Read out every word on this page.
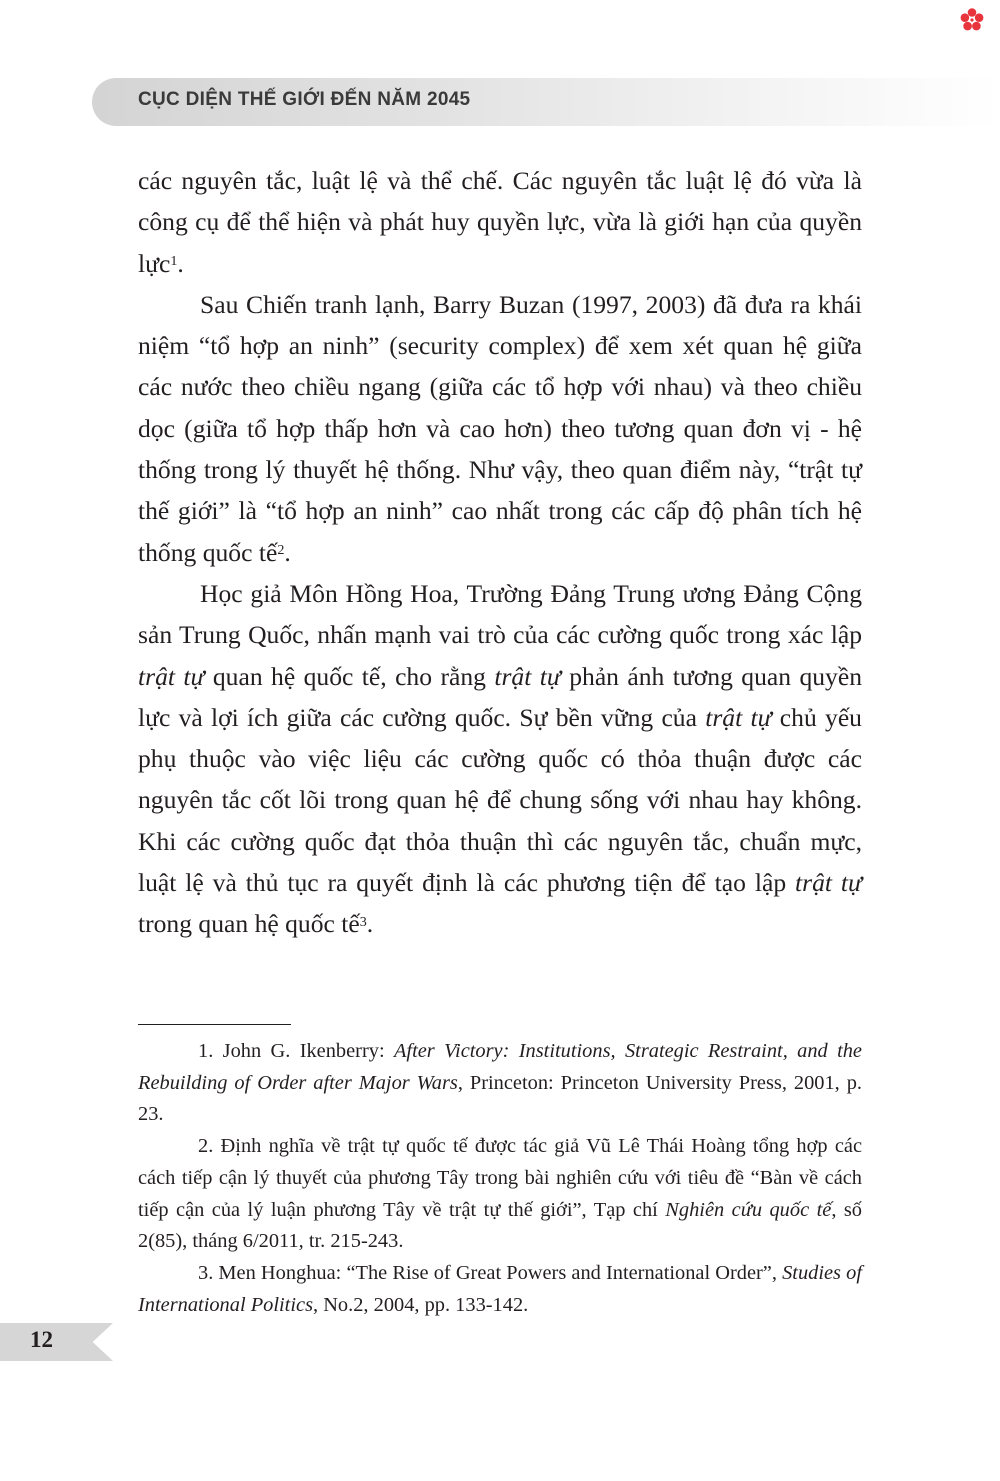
CỤC DIỆN THẾ GIỚI ĐẾN NĂM 2045

các nguyên tắc, luật lệ và thể chế. Các nguyên tắc luật lệ đó vừa là công cụ để thể hiện và phát huy quyền lực, vừa là giới hạn của quyền lực$^1$.

Sau Chiến tranh lạnh, Barry Buzan (1997, 2003) đã đưa ra khái niệm “tổ hợp an ninh” (security complex) để xem xét quan hệ giữa các nước theo chiều ngang (giữa các tổ hợp với nhau) và theo chiều dọc (giữa tổ hợp thấp hơn và cao hơn) theo tương quan đơn vị - hệ thống trong lý thuyết hệ thống. Như vậy, theo quan điểm này, “trật tự thế giới” là “tổ hợp an ninh” cao nhất trong các cấp độ phân tích hệ thống quốc tế$^2$.

Học giả Môn Hồng Hoa, Trường Đảng Trung ương Đảng Cộng sản Trung Quốc, nhấn mạnh vai trò của các cường quốc trong xác lập trật tự quan hệ quốc tế, cho rằng trật tự phản ánh tương quan quyền lực và lợi ích giữa các cường quốc. Sự bền vững của trật tự chủ yếu phụ thuộc vào việc liệu các cường quốc có thỏa thuận được các nguyên tắc cốt lõi trong quan hệ để chung sống với nhau hay không. Khi các cường quốc đạt thỏa thuận thì các nguyên tắc, chuẩn mực, luật lệ và thủ tục ra quyết định là các phương tiện để tạo lập trật tự trong quan hệ quốc tế$^3$.

1. John G. Ikenberry: After Victory: Institutions, Strategic Restraint, and the Rebuilding of Order after Major Wars, Princeton: Princeton University Press, 2001, p. 23.

2. Định nghĩa về trật tự quốc tế được tác giả Vũ Lê Thái Hoàng tổng hợp các cách tiếp cận lý thuyết của phương Tây trong bài nghiên cứu với tiêu đề “Bàn về cách tiếp cận của lý luận phương Tây về trật tự thế giới”, Tạp chí Nghiên cứu quốc tế, số 2(85), tháng 6/2011, tr. 215-243.

3. Men Honghua: “The Rise of Great Powers and International Order”, Studies of International Politics, No.2, 2004, pp. 133-142.

12
